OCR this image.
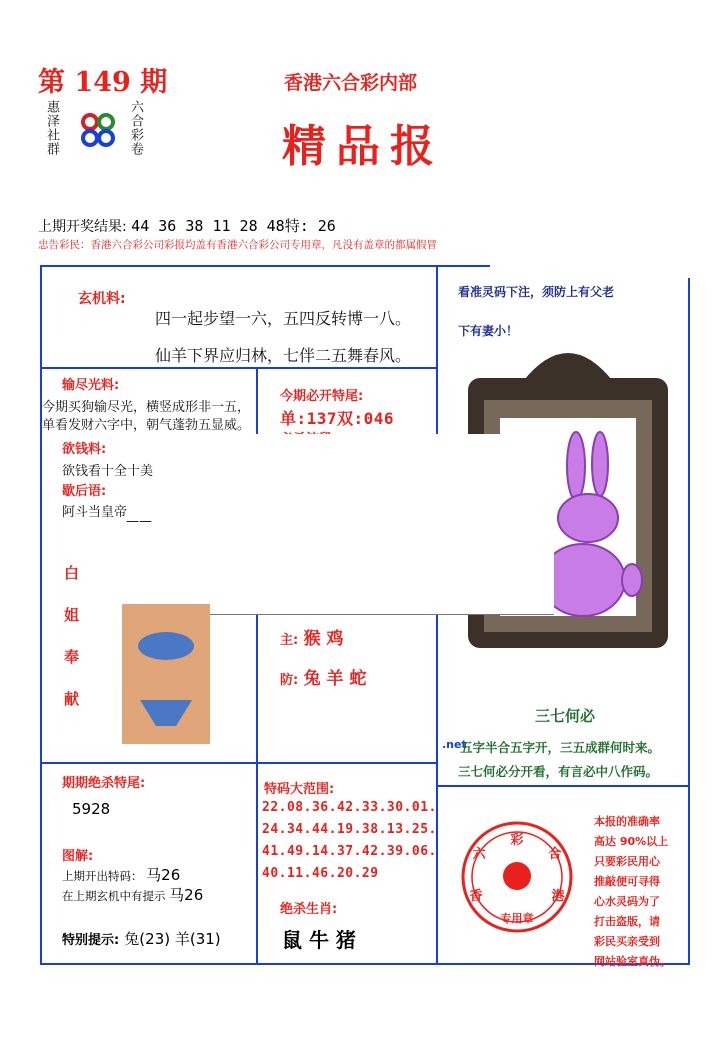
第 149 期
惠泽社群	六合彩卷
香港六合彩内部
精品报
上期开奖结果: 44 36 38 11 28 48特: 26
忠告彩民：香港六合彩公司彩报均盖有香港六合彩公司专用章，凡没有盖章的都属假冒
玄机料:
四一起步望一六，五四反转博一八。
仙羊下界应归林，七伴二五舞春风。
看准灵码下注，须防上有父老
下有妻小！
输尽光料:
今期买狗输尽光，横竖成形非一五，
单看发财六字中，朝气蓬勃五显威。
今期必开特尾:
单:137双:046
欲钱料:
欲钱看十全十美
歇后语:
阿斗当皇帝
——
白
姐
奉
献
主: 猴 鸡
防: 兔 羊 蛇
三七何必
.net
五字半合五字开，三五成群何时来。
三七何必分开看，有言必中八作码。
期期绝杀特尾:
5928
图解:
上期开出特码： 马26
在上期玄机中有提示 马26
特别提示: 兔(23) 羊(31)
特码大范围:
22.08.36.42.33.30.01.
24.34.44.19.38.13.25.
41.49.14.37.42.39.06.
40.11.46.20.29
绝杀生肖:
鼠 牛 猪
彩
六	合
香	港
专用章
本报的准确率
高达 90%以上
只要彩民用心
推敲便可寻得
心水灵码为了
打击盗版，请
彩民买亲受到
网站验室真伪。
